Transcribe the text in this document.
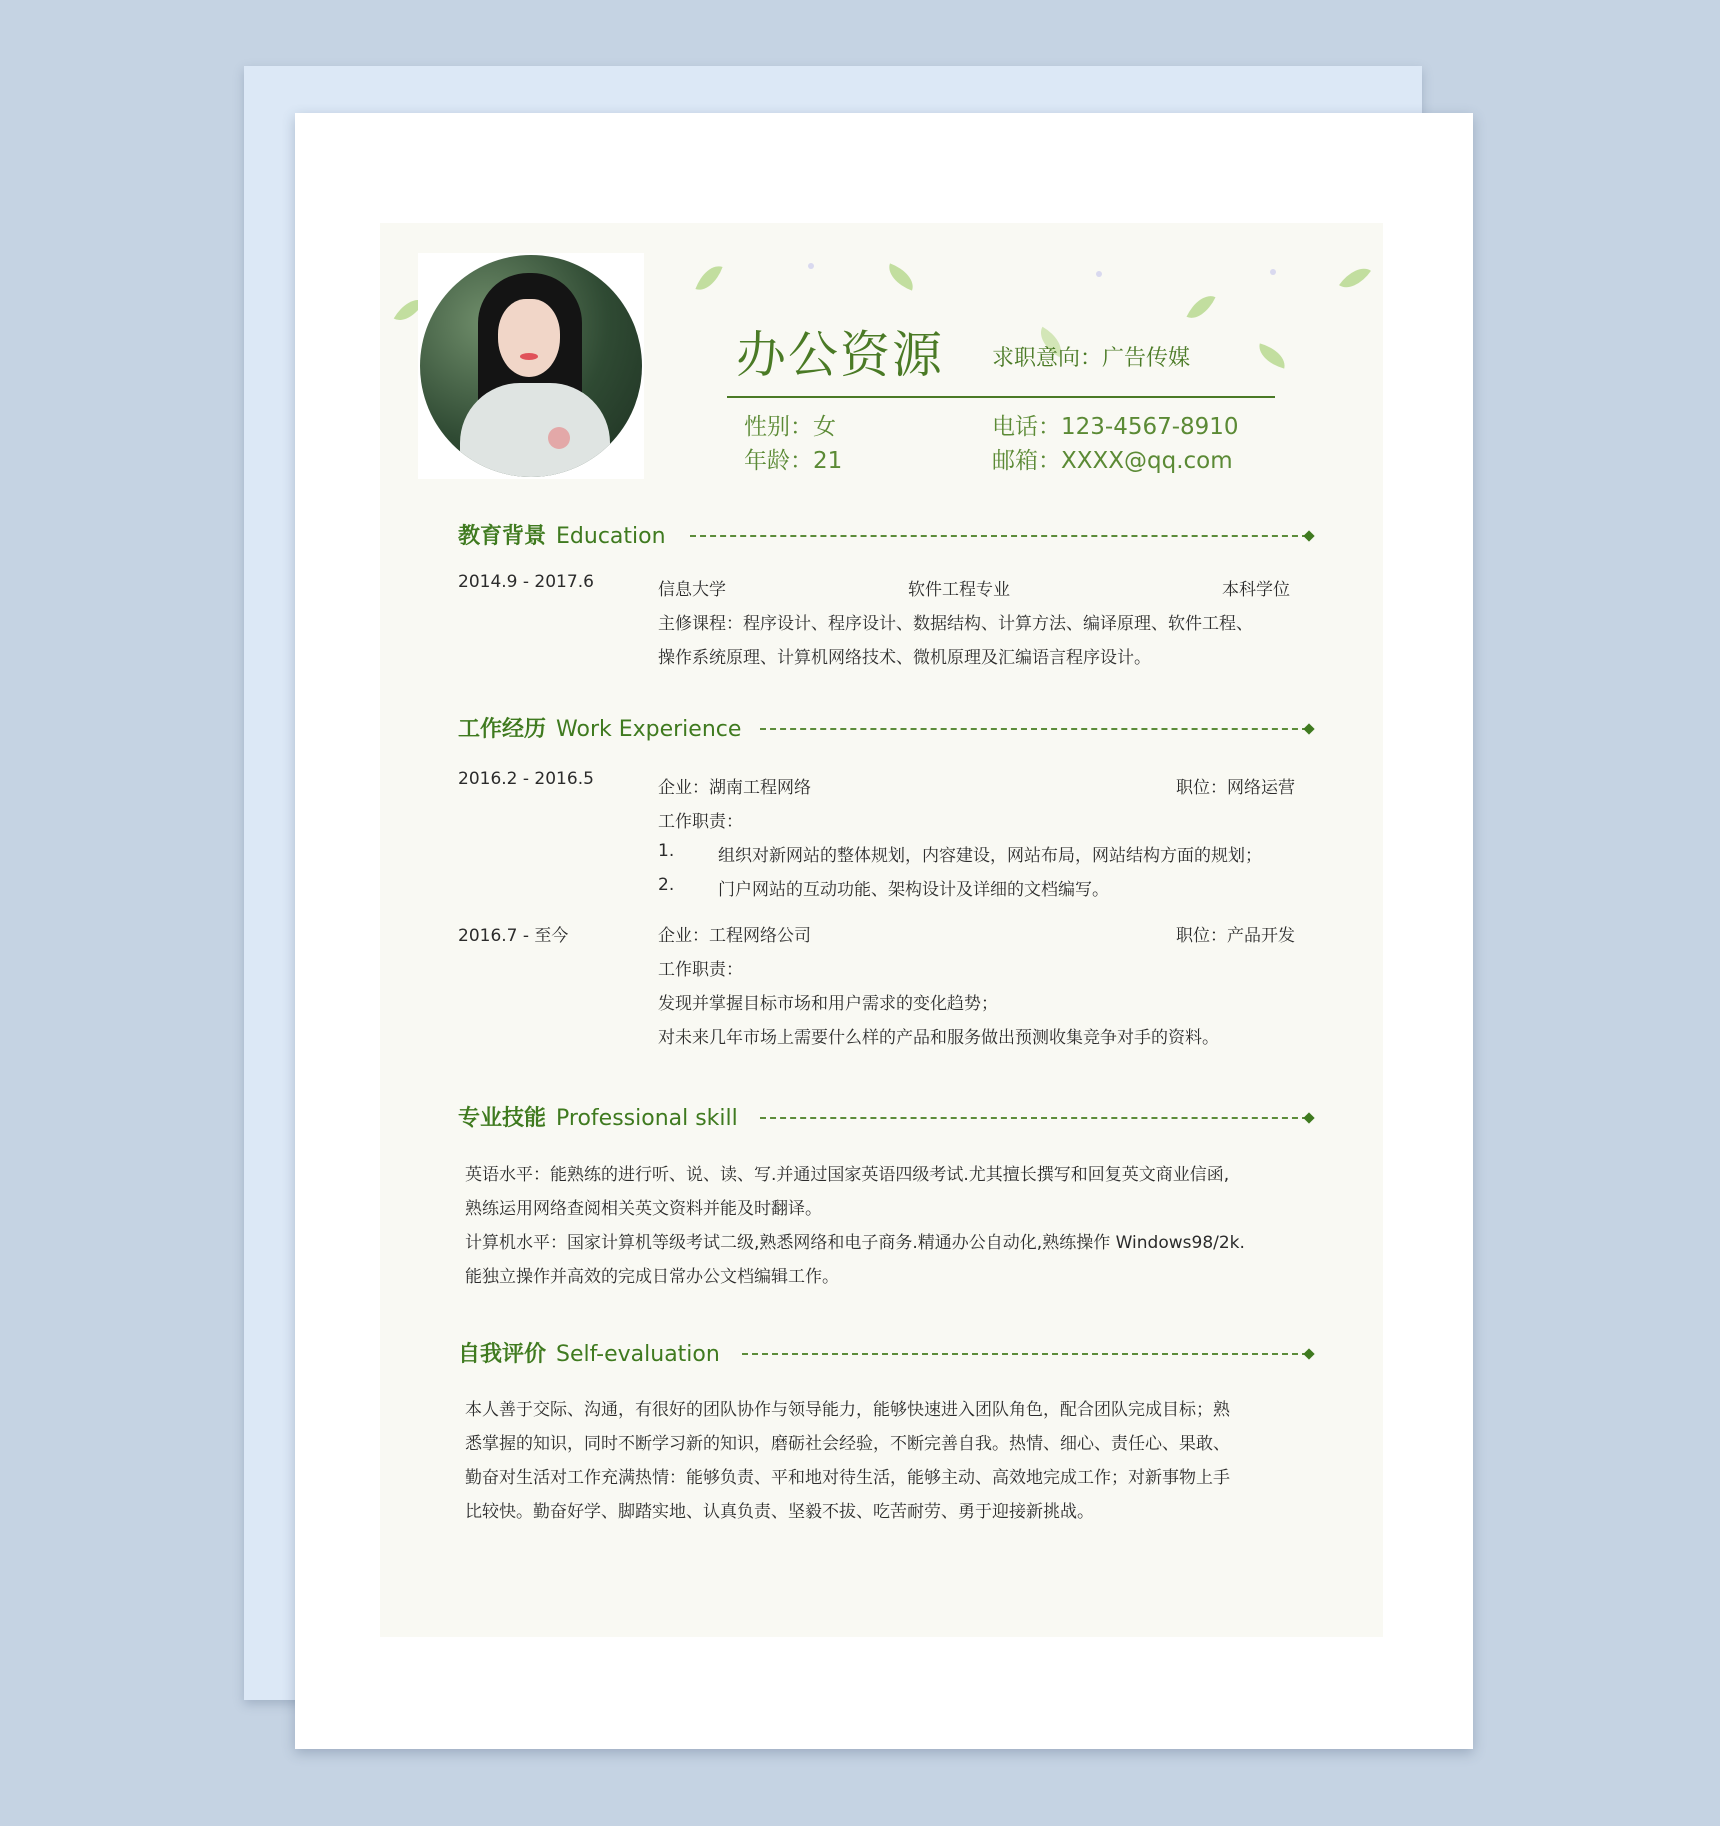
办公资源 求职意向：广告传媒
性别：女
年龄：21
电话：123-4567-8910
邮箱：XXXX@qq.com
教育背景 Education
2014.9 - 2017.6	信息大学	软件工程专业	本科学位
主修课程：程序设计、程序设计、数据结构、计算方法、编译原理、软件工程、
操作系统原理、计算机网络技术、微机原理及汇编语言程序设计。
工作经历 Work Experience
2016.2 - 2016.5	企业：湖南工程网络	职位：网络运营
工作职责：
1.	组织对新网站的整体规划，内容建设，网站布局，网站结构方面的规划；
2.	门户网站的互动功能、架构设计及详细的文档编写。
2016.7 - 至今	企业：工程网络公司	职位：产品开发
工作职责：
发现并掌握目标市场和用户需求的变化趋势；
对未来几年市场上需要什么样的产品和服务做出预测收集竞争对手的资料。
专业技能 Professional skill
英语水平：能熟练的进行听、说、读、写.并通过国家英语四级考试.尤其擅长撰写和回复英文商业信函,
熟练运用网络查阅相关英文资料并能及时翻译。
计算机水平：国家计算机等级考试二级,熟悉网络和电子商务.精通办公自动化,熟练操作 Windows98/2k.
能独立操作并高效的完成日常办公文档编辑工作。
自我评价 Self-evaluation
本人善于交际、沟通，有很好的团队协作与领导能力，能够快速进入团队角色，配合团队完成目标；熟
悉掌握的知识，同时不断学习新的知识，磨砺社会经验，不断完善自我。热情、细心、责任心、果敢、
勤奋对生活对工作充满热情：能够负责、平和地对待生活，能够主动、高效地完成工作；对新事物上手
比较快。勤奋好学、脚踏实地、认真负责、坚毅不拔、吃苦耐劳、勇于迎接新挑战。
